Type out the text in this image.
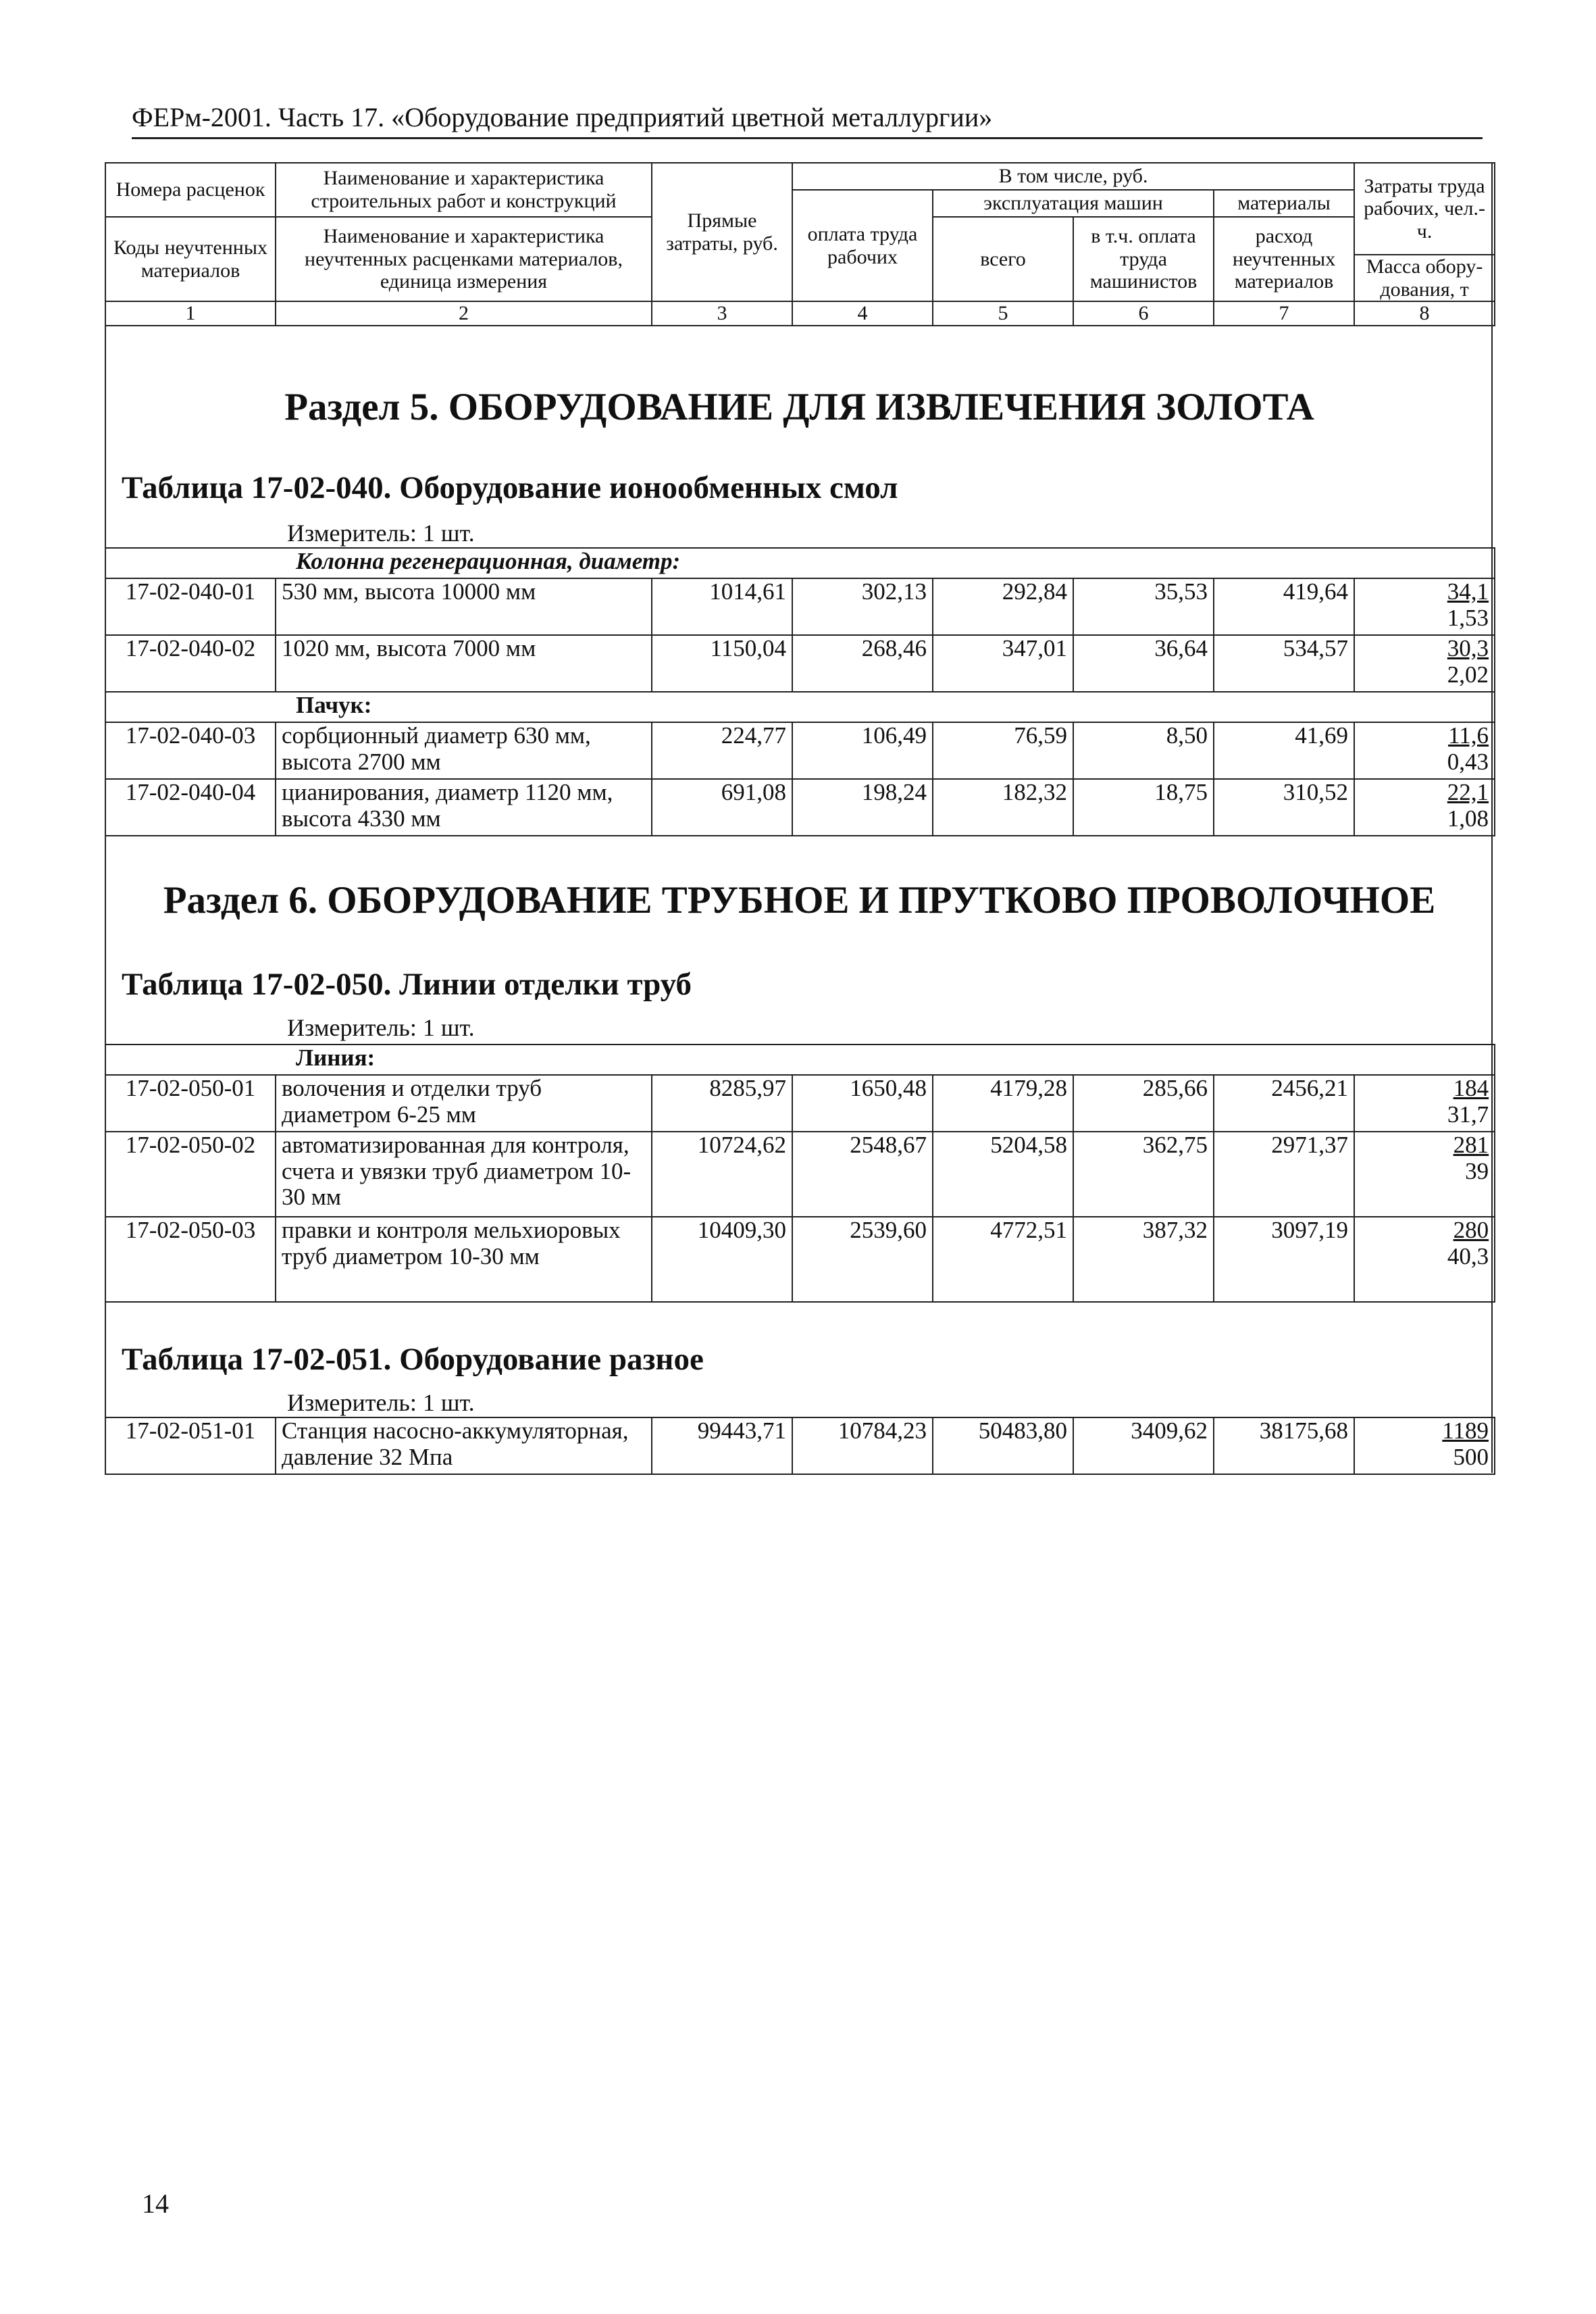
ФЕРм-2001. Часть 17. «Оборудование предприятий цветной металлургии»
Номера расценок	Наименование и характеристика строительных работ и конструкций	Прямые затраты, руб.	В том числе, руб.				Затраты труда рабочих, чел.-ч.
			оплата труда рабочих	эксплуатация машин		материалы	
Коды неучтенных материалов	Наименование и характеристика неучтенных расценками материалов, единица измерения			всего	в т.ч. оплата труда машинистов	расход неучтенных материалов	
							Масса обору-дования, т
1	2	3	4	5	6	7	8
Раздел 5. ОБОРУДОВАНИЕ ДЛЯ ИЗВЛЕЧЕНИЯ ЗОЛОТА
Таблица 17-02-040. Оборудование ионообменных смол
Измеритель: 1 шт.
	Колонна регенерационная, диаметр:						
17-02-040-01	530 мм, высота 10000 мм	1014,61	302,13	292,84	35,53	419,64	34,1
1,53

17-02-040-02	1020 мм, высота 7000 мм	1150,04	268,46	347,01	36,64	534,57	30,3
2,02

	Пачук:						
17-02-040-03	сорбционный диаметр 630 мм, высота 2700 мм	224,77	106,49	76,59	8,50	41,69	11,6
0,43

17-02-040-04	цианирования, диаметр 1120 мм, высота 4330 мм	691,08	198,24	182,32	18,75	310,52	22,1
1,08
Раздел 6. ОБОРУДОВАНИЕ ТРУБНОЕ И ПРУТКОВО ПРОВОЛОЧНОЕ
Таблица 17-02-050. Линии отделки труб
Измеритель: 1 шт.
	Линия:						
17-02-050-01	волочения и отделки труб диаметром 6-25 мм	8285,97	1650,48	4179,28	285,66	2456,21	184
31,7

17-02-050-02	автоматизированная для контроля, счета и увязки труб диаметром 10-30 мм	10724,62	2548,67	5204,58	362,75	2971,37	281
39

17-02-050-03	правки и контроля мельхиоровых труб диаметром 10-30 мм	10409,30	2539,60	4772,51	387,32	3097,19	280
40,3
Таблица 17-02-051. Оборудование разное
Измеритель: 1 шт.
17-02-051-01	Станция насосно-аккумуляторная, давление 32 Мпа	99443,71	10784,23	50483,80	3409,62	38175,68	1189
500
14
